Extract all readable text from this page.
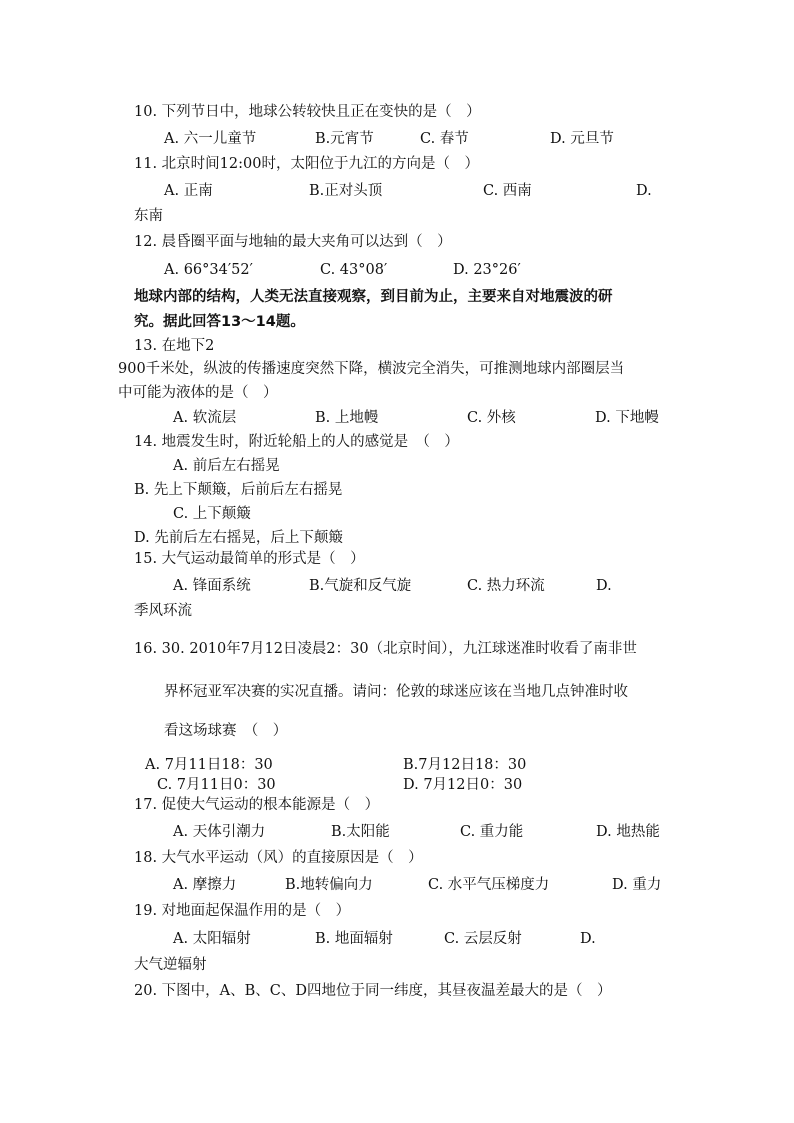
10. 下列节日中，地球公转较快且正在变快的是（　）
A. 六一儿童节	B.元宵节	C. 春节	D. 元旦节
11. 北京时间12:00时，太阳位于九江的方向是（　）
A. 正南	B.正对头顶	C. 西南	D.
东南
12. 晨昏圈平面与地轴的最大夹角可以达到（　）
A. 66°34′52′	C. 43°08′	D. 23°26′
地球内部的结构，人类无法直接观察，到目前为止，主要来自对地震波的研
究。据此回答13～14题。
13. 在地下2
900千米处，纵波的传播速度突然下降，横波完全消失，可推测地球内部圈层当
中可能为液体的是（　）
A. 软流层	B. 上地幔	C. 外核	D. 下地幔
14. 地震发生时，附近轮船上的人的感觉是　（　）
A. 前后左右摇晃
B. 先上下颠簸，后前后左右摇晃
C. 上下颠簸
D. 先前后左右摇晃，后上下颠簸
15. 大气运动最简单的形式是（　）
A. 锋面系统	B.气旋和反气旋	C. 热力环流	D.
季风环流
16. 30. 2010年7月12日凌晨2：30（北京时间），九江球迷准时收看了南非世
界杯冠亚军决赛的实况直播。请问：伦敦的球迷应该在当地几点钟准时收
看这场球赛　（　）
A. 7月11日18：30	B.7月12日18：30
C. 7月11日0：30	D. 7月12日0：30
17. 促使大气运动的根本能源是（　）
A. 天体引潮力	B.太阳能	C. 重力能	D. 地热能
18. 大气水平运动（风）的直接原因是（　）
A. 摩擦力	B.地转偏向力	C. 水平气压梯度力	D. 重力
19. 对地面起保温作用的是（　）
A. 太阳辐射	B. 地面辐射	C. 云层反射	D.
大气逆辐射
20. 下图中，A、B、C、D四地位于同一纬度，其昼夜温差最大的是（　）
